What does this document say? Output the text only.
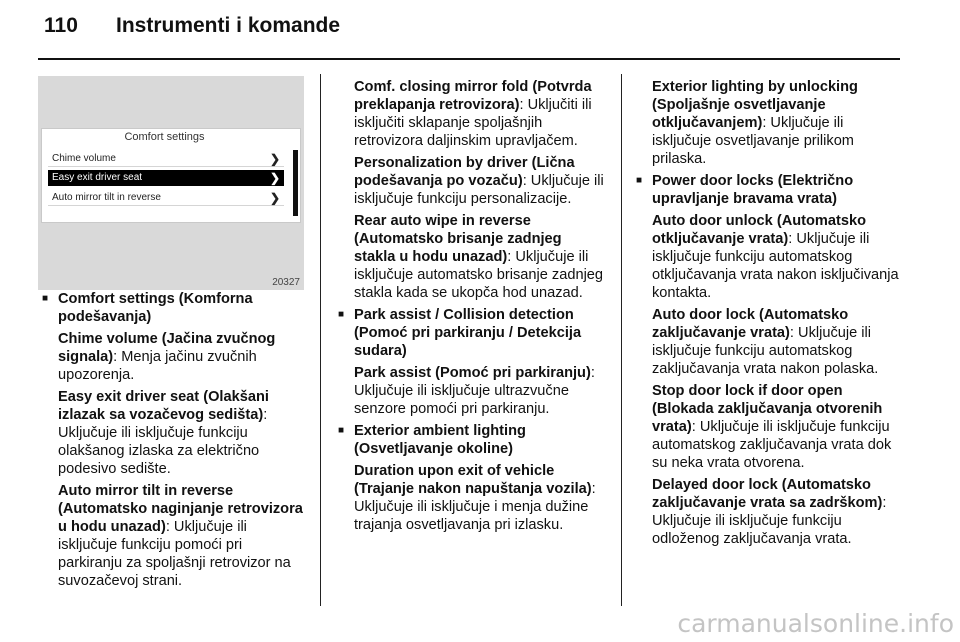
110 Instrumenti i komande
Comfort settings
Chime volume	❯
Easy exit driver seat	❯
Auto mirror tilt in reverse	❯
20327
■ Comfort settings (Komforna podešavanja)

Chime volume (Jačina zvučnog signala): Menja jačinu zvučnih upozorenja.

Easy exit driver seat (Olakšani izlazak sa vozačevog sedišta): Uključuje ili isključuje funkciju olakšanog izlaska za električno podesivo sedište.

Auto mirror tilt in reverse (Automatsko naginjanje retrovizora u hodu unazad): Uključuje ili isključuje funkciju pomoći pri parkiranju za spoljašnji retrovizor na suvozačevoj strani.

Comf. closing mirror fold (Potvrda preklapanja retrovizora): Uključiti ili isključiti sklapanje spoljašnjih retrovizora daljinskim upravljačem.

Personalization by driver (Lična podešavanja po vozaču): Uključuje ili isključuje funkciju personalizacije.

Rear auto wipe in reverse (Automatsko brisanje zadnjeg stakla u hodu unazad): Uključuje ili isključuje automatsko brisanje zadnjeg stakla kada se ukopča hod unazad.

■ Park assist / Collision detection (Pomoć pri parkiranju / Detekcija sudara)

Park assist (Pomoć pri parkiranju): Uključuje ili isključuje ultrazvučne senzore pomoći pri parkiranju.

■ Exterior ambient lighting (Osvetljavanje okoline)

Duration upon exit of vehicle (Trajanje nakon napuštanja vozila): Uključuje ili isključuje i menja dužine trajanja osvetljavanja pri izlasku.

Exterior lighting by unlocking (Spoljašnje osvetljavanje otključavanjem): Uključuje ili isključuje osvetljavanje prilikom prilaska.

■ Power door locks (Električno upravljanje bravama vrata)

Auto door unlock (Automatsko otključavanje vrata): Uključuje ili isključuje funkciju automatskog otključavanja vrata nakon isključivanja kontakta.

Auto door lock (Automatsko zaključavanje vrata): Uključuje ili isključuje funkciju automatskog zaključavanja vrata nakon polaska.

Stop door lock if door open (Blokada zaključavanja otvorenih vrata): Uključuje ili isključuje funkciju automatskog zaključavanja vrata dok su neka vrata otvorena.

Delayed door lock (Automatsko zaključavanje vrata sa zadrškom): Uključuje ili isključuje funkciju odloženog zaključavanja vrata.

carmanualsonline.info
